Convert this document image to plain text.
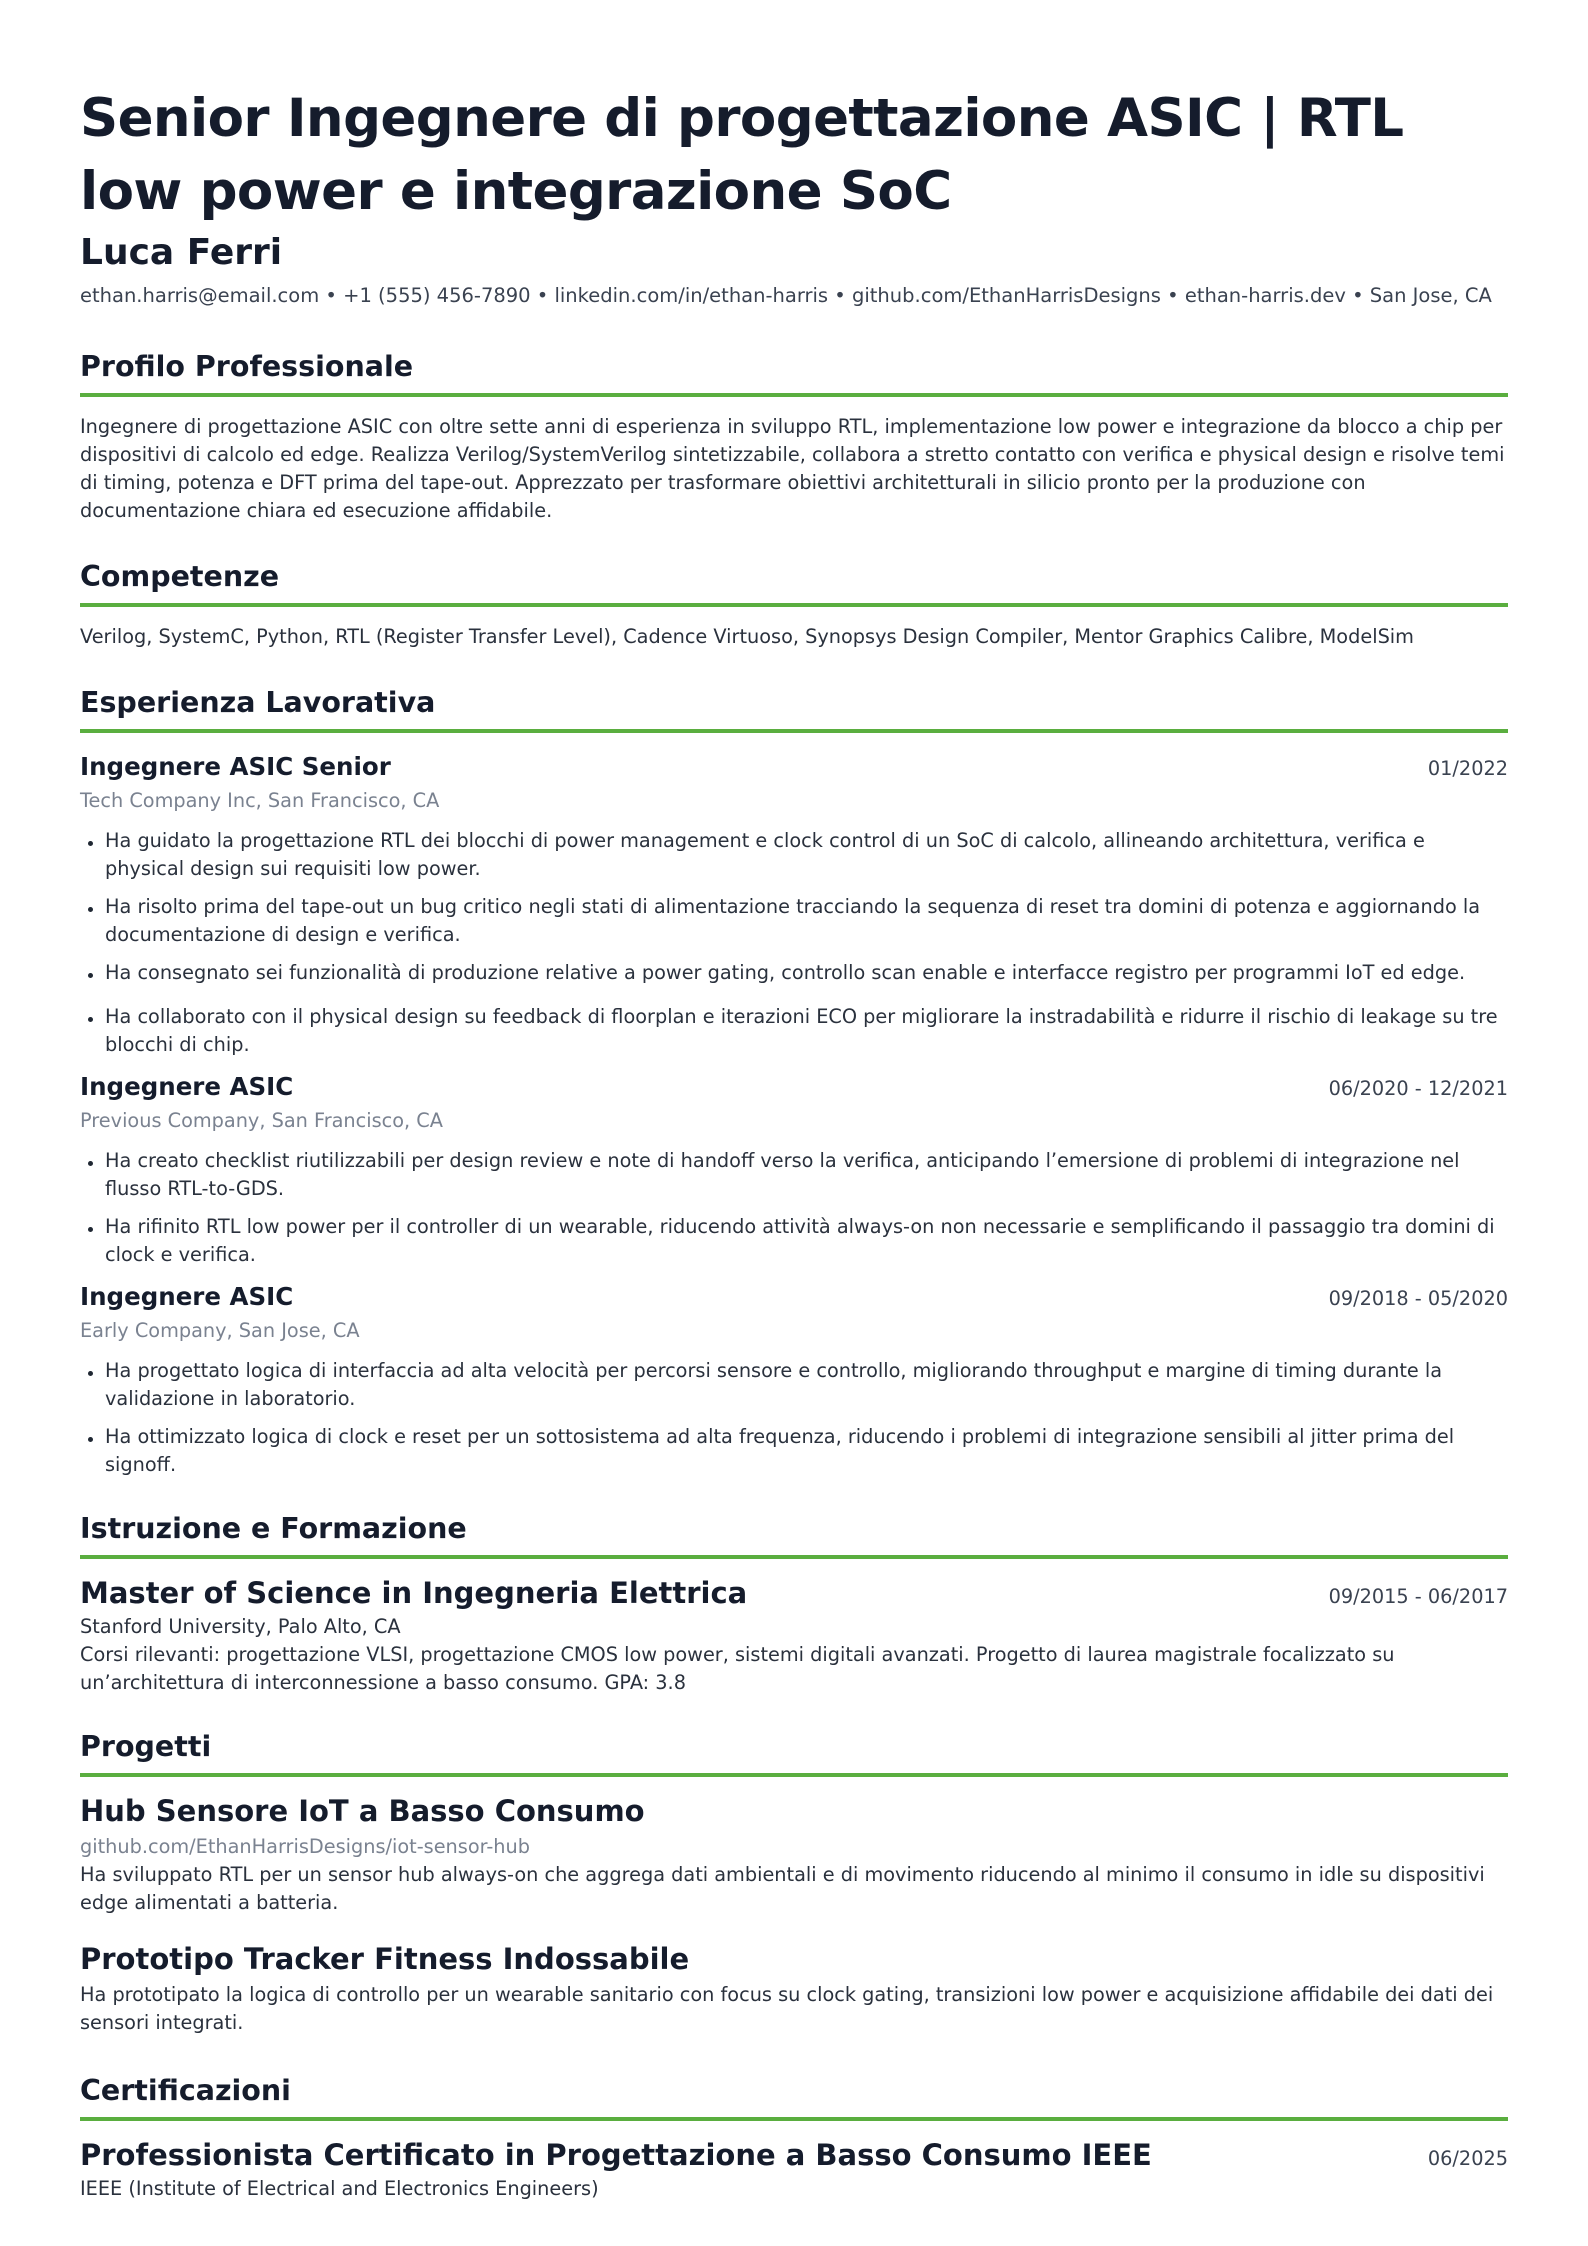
Senior Ingegnere di progettazione ASIC | RTL low power e integrazione SoC
Luca Ferri
ethan.harris@email.com • +1 (555) 456-7890 • linkedin.com/in/ethan-harris • github.com/EthanHarrisDesigns • ethan-harris.dev • San Jose, CA
Profilo Professionale

Ingegnere di progettazione ASIC con oltre sette anni di esperienza in sviluppo RTL, implementazione low power e integrazione da blocco a chip per dispositivi di calcolo ed edge. Realizza Verilog/SystemVerilog sintetizzabile, collabora a stretto contatto con verifica e physical design e risolve temi di timing, potenza e DFT prima del tape-out. Apprezzato per trasformare obiettivi architetturali in silicio pronto per la produzione con documentazione chiara ed esecuzione affidabile.

Competenze

Verilog, SystemC, Python, RTL (Register Transfer Level), Cadence Virtuoso, Synopsys Design Compiler, Mentor Graphics Calibre, ModelSim

Esperienza Lavorativa
Ingegnere ASIC Senior	01/2022
Tech Company Inc, San Francisco, CA
Ha guidato la progettazione RTL dei blocchi di power management e clock control di un SoC di calcolo, allineando architettura, verifica e physical design sui requisiti low power.
Ha risolto prima del tape-out un bug critico negli stati di alimentazione tracciando la sequenza di reset tra domini di potenza e aggiornando la documentazione di design e verifica.
Ha consegnato sei funzionalità di produzione relative a power gating, controllo scan enable e interfacce registro per programmi IoT ed edge.
Ha collaborato con il physical design su feedback di floorplan e iterazioni ECO per migliorare la instradabilità e ridurre il rischio di leakage su tre blocchi di chip.
Ingegnere ASIC	06/2020 - 12/2021
Previous Company, San Francisco, CA
Ha creato checklist riutilizzabili per design review e note di handoff verso la verifica, anticipando l’emersione di problemi di integrazione nel flusso RTL-to-GDS.
Ha rifinito RTL low power per il controller di un wearable, riducendo attività always-on non necessarie e semplificando il passaggio tra domini di clock e verifica.
Ingegnere ASIC	09/2018 - 05/2020
Early Company, San Jose, CA
Ha progettato logica di interfaccia ad alta velocità per percorsi sensore e controllo, migliorando throughput e margine di timing durante la validazione in laboratorio.
Ha ottimizzato logica di clock e reset per un sottosistema ad alta frequenza, riducendo i problemi di integrazione sensibili al jitter prima del signoff.
Istruzione e Formazione
Master of Science in Ingegneria Elettrica	09/2015 - 06/2017
Stanford University, Palo Alto, CA

Corsi rilevanti: progettazione VLSI, progettazione CMOS low power, sistemi digitali avanzati. Progetto di laurea magistrale focalizzato su un’architettura di interconnessione a basso consumo. GPA: 3.8

Progetti
Hub Sensore IoT a Basso Consumo
github.com/EthanHarrisDesigns/iot-sensor-hub

Ha sviluppato RTL per un sensor hub always-on che aggrega dati ambientali e di movimento riducendo al minimo il consumo in idle su dispositivi edge alimentati a batteria.

Prototipo Tracker Fitness Indossabile

Ha prototipato la logica di controllo per un wearable sanitario con focus su clock gating, transizioni low power e acquisizione affidabile dei dati dei sensori integrati.

Certificazioni
Professionista Certificato in Progettazione a Basso Consumo IEEE	06/2025
IEEE (Institute of Electrical and Electronics Engineers)
